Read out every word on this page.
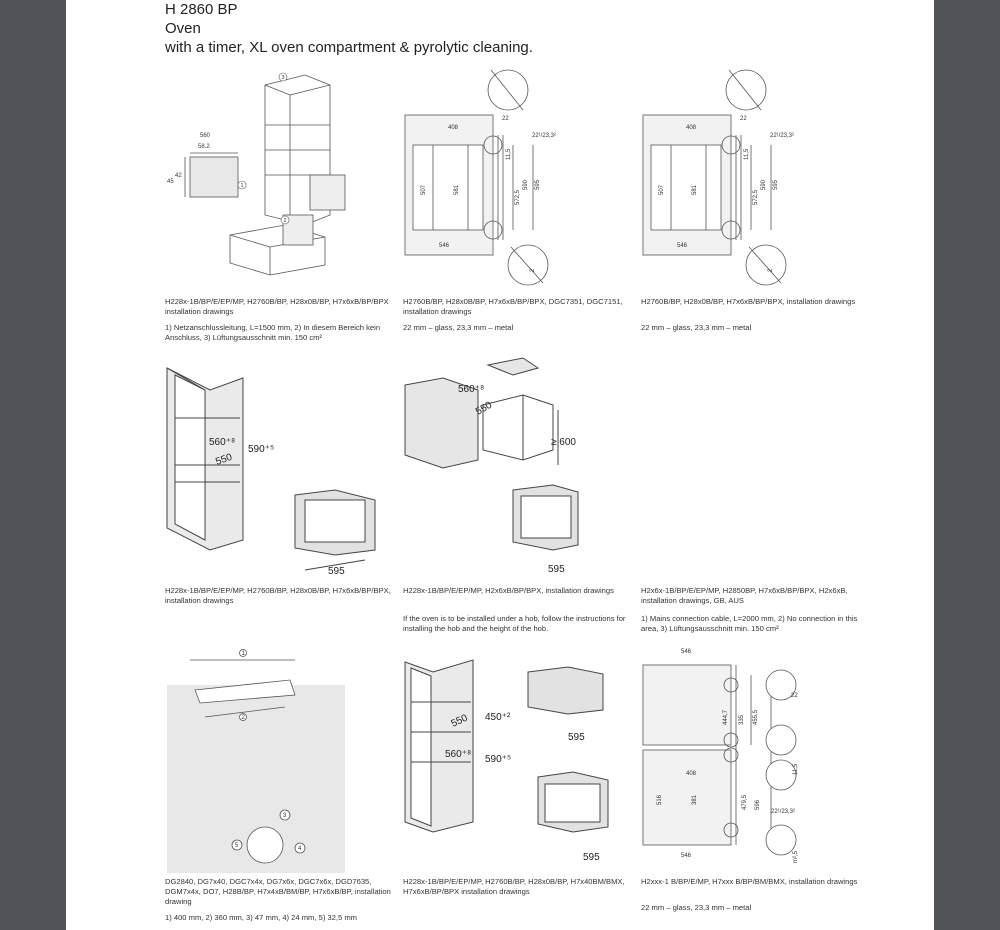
H 2860 BP
Oven
with a timer, XL oven compartment & pyrolytic cleaning.
560
58.2
42
45
1
2
3
H228x-1B/BP/E/EP/MP, H2760B/BP, H28x0B/BP, H7x6xB/BP/BPX installation drawings
1) Netzanschlussleitung, L=1500 mm, 2) In diesem Bereich kein Anschluss, 3) Lüftungsausschnitt min. 150 cm²
408
507	581
546
11,5
572,5
590 595
22
22¹/23,3²
2
H2760B/BP, H28x0B/BP, H7x6xB/BP/BPX, DGC7351, DGC7151, installation drawings
22 mm – glass, 23,3 mm – metal
408
507	581
546
11,5
572,5
590 595
22
22¹/23,3²
2
H2760B/BP, H28x0B/BP, H7x6xB/BP/BPX, installation drawings
22 mm – glass, 23,3 mm – metal
560⁺⁸
550
590⁺⁵
595
H228x-1B/BP/E/EP/MP, H2760B/BP, H28x0B/BP, H7x6xB/BP/BPX, installation drawings
560⁺⁸
550
≥ 600
595
H228x-1B/BP/E/EP/MP, H2x6xB/BP/BPX, installation drawings
If the oven is to be installed under a hob, follow the instructions for installing the hob and the height of the hob.
H2x6x-1B/BP/E/EP/MP, H2850BP, H7x6xB/BP/BPX, H2x6xB, installation drawings, GB, AUS
1) Mains connection cable, L=2000 mm, 2) No connection in this area, 3) Lüftungsausschnitt min. 150 cm²
1
2
3
4
5
DG2840, DG7x40, DGC7x4x, DG7x6x, DGC7x6x, DGD7635, DGM7x4x, DO7, H28B/BP, H7x4xB/BM/BP, H7x6xB/BP, installation drawing
1) 400 mm, 2) 360 mm, 3) 47 mm, 4) 24 mm, 5) 32,5 mm
450⁺²
550
560⁺⁸ 590⁺⁵
595
595
H228x-1B/BP/E/EP/MP, H2760B/BP, H28x0B/BP, H7x40BM/BMX, H7x6xB/BP/BPX installation drawings
546
444,7 335 455,5
408
516	381	479,5 596
546
22
22¹/23,3²
11,5
m²,5
H2xxx-1 B/BP/E/MP, H7xxx B/BP/BM/BMX, installation drawings
22 mm – glass, 23,3 mm – metal
